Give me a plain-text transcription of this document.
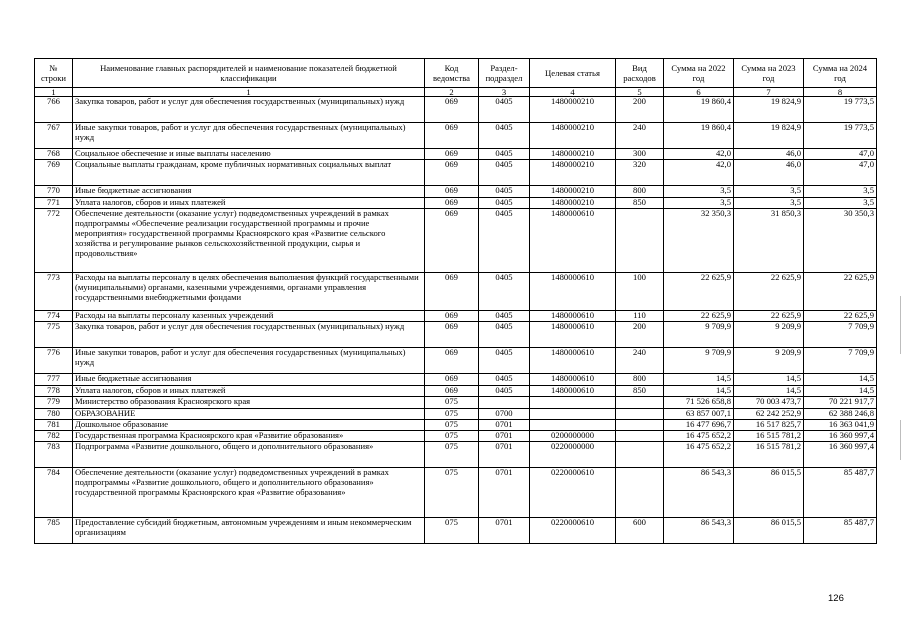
№ строки	Наименование главных распорядителей и наименование показателей бюджетной классификации	Код ведомства	Раздел-подраздел	Целевая статья	Вид расходов	Сумма на 2022 год	Сумма на 2023 год	Сумма на 2024 год
1	1	2	3	4	5	6	7	8
766	Закупка товаров, работ и услуг для обеспечения государственных (муниципальных) нужд	069	0405	1480000210	200	19 860,4	19 824,9	19 773,5
767	Иные закупки товаров, работ и услуг для обеспечения государственных (муниципальных) нужд	069	0405	1480000210	240	19 860,4	19 824,9	19 773,5
768	Социальное обеспечение и иные выплаты населению	069	0405	1480000210	300	42,0	46,0	47,0
769	Социальные выплаты гражданам, кроме публичных нормативных социальных выплат	069	0405	1480000210	320	42,0	46,0	47,0
770	Иные бюджетные ассигнования	069	0405	1480000210	800	3,5	3,5	3,5
771	Уплата налогов, сборов и иных платежей	069	0405	1480000210	850	3,5	3,5	3,5
772	Обеспечение деятельности (оказание услуг) подведомственных учреждений в рамках подпрограммы «Обеспечение реализации государственной программы и прочие мероприятия» государственной программы Красноярского края «Развитие сельского хозяйства и регулирование рынков сельскохозяйственной продукции, сырья и продовольствия»	069	0405	1480000610		32 350,3	31 850,3	30 350,3
773	Расходы на выплаты персоналу в целях обеспечения выполнения функций государственными (муниципальными) органами, казенными учреждениями, органами управления государственными внебюджетными фондами	069	0405	1480000610	100	22 625,9	22 625,9	22 625,9
774	Расходы на выплаты персоналу казенных учреждений	069	0405	1480000610	110	22 625,9	22 625,9	22 625,9
775	Закупка товаров, работ и услуг для обеспечения государственных (муниципальных) нужд	069	0405	1480000610	200	9 709,9	9 209,9	7 709,9
776	Иные закупки товаров, работ и услуг для обеспечения государственных (муниципальных) нужд	069	0405	1480000610	240	9 709,9	9 209,9	7 709,9
777	Иные бюджетные ассигнования	069	0405	1480000610	800	14,5	14,5	14,5
778	Уплата налогов, сборов и иных платежей	069	0405	1480000610	850	14,5	14,5	14,5
779	Министерство образования Красноярского края	075				71 526 658,8	70 003 473,7	70 221 917,7
780	ОБРАЗОВАНИЕ	075	0700			63 857 007,1	62 242 252,9	62 388 246,8
781	Дошкольное образование	075	0701			16 477 696,7	16 517 825,7	16 363 041,9
782	Государственная программа Красноярского края «Развитие образования»	075	0701	0200000000		16 475 652,2	16 515 781,2	16 360 997,4
783	Подпрограмма «Развитие дошкольного, общего и дополнительного образования»	075	0701	0220000000		16 475 652,2	16 515 781,2	16 360 997,4
784	Обеспечение деятельности (оказание услуг) подведомственных учреждений в рамках подпрограммы «Развитие дошкольного, общего и дополнительного образования» государственной программы Красноярского края «Развитие образования»	075	0701	0220000610		86 543,3	86 015,5	85 487,7
785	Предоставление субсидий бюджетным, автономным учреждениям и иным некоммерческим организациям	075	0701	0220000610	600	86 543,3	86 015,5	85 487,7
126
